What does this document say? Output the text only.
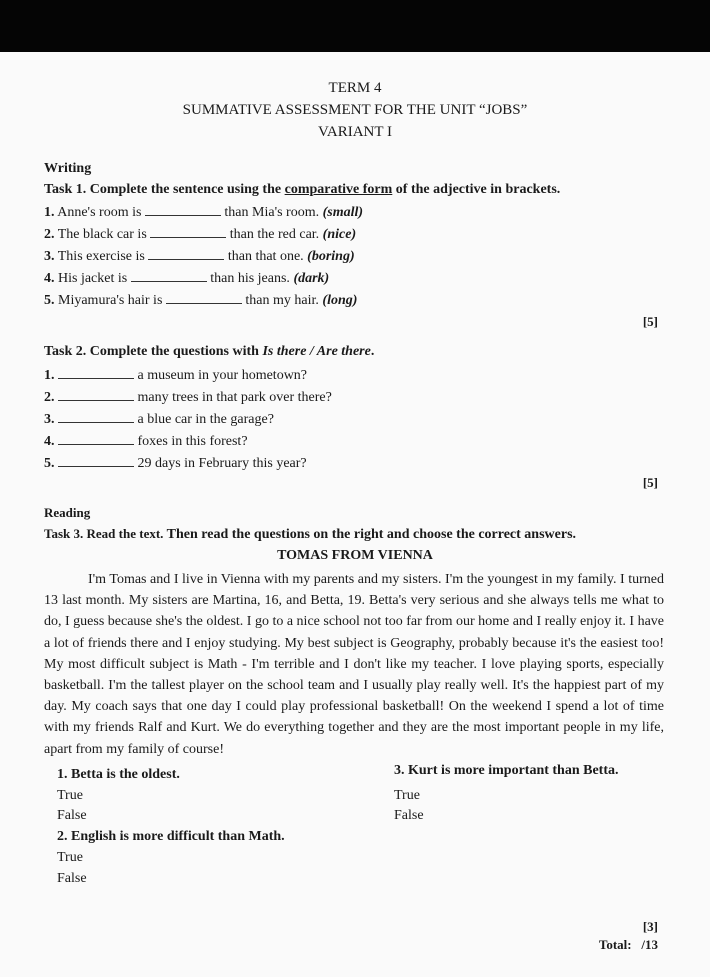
TERM 4
SUMMATIVE ASSESSMENT FOR THE UNIT “JOBS”
VARIANT I
Writing
Task 1. Complete the sentence using the comparative form of the adjective in brackets.
1. Anne's room is	than Mia's room. (small)
2. The black car is	than the red car. (nice)
3. This exercise is	than that one. (boring)
4. His jacket is	than his jeans. (dark)
5. Miyamura's hair is	than my hair. (long)
[5]
Task 2. Complete the questions with Is there / Are there.
1.	a museum in your hometown?
2.	many trees in that park over there?
3.	a blue car in the garage?
4.	foxes in this forest?
5.	29 days in February this year?
[5]
Reading
Task 3. Read the text. Then read the questions on the right and choose the correct answers.
TOMAS FROM VIENNA
I'm Tomas and I live in Vienna with my parents and my sisters. I'm the youngest in my family. I turned 13 last month. My sisters are Martina, 16, and Betta, 19. Betta's very serious and she always tells me what to do, I guess because she's the oldest. I go to a nice school not too far from our home and I really enjoy it. I have a lot of friends there and I enjoy studying. My best subject is Geography, probably because it's the easiest too! My most difficult subject is Math - I'm terrible and I don't like my teacher. I love playing sports, especially basketball. I'm the tallest player on the school team and I usually play really well. It's the happiest part of my day. My coach says that one day I could play professional basketball! On the weekend I spend a lot of time with my friends Ralf and Kurt. We do everything together and they are the most important people in my life, apart from my family of course!
1. Betta is the oldest.
True
False
2. English is more difficult than Math.
True
False
3. Kurt is more important than Betta.
True
False
[3]
Total: /13
